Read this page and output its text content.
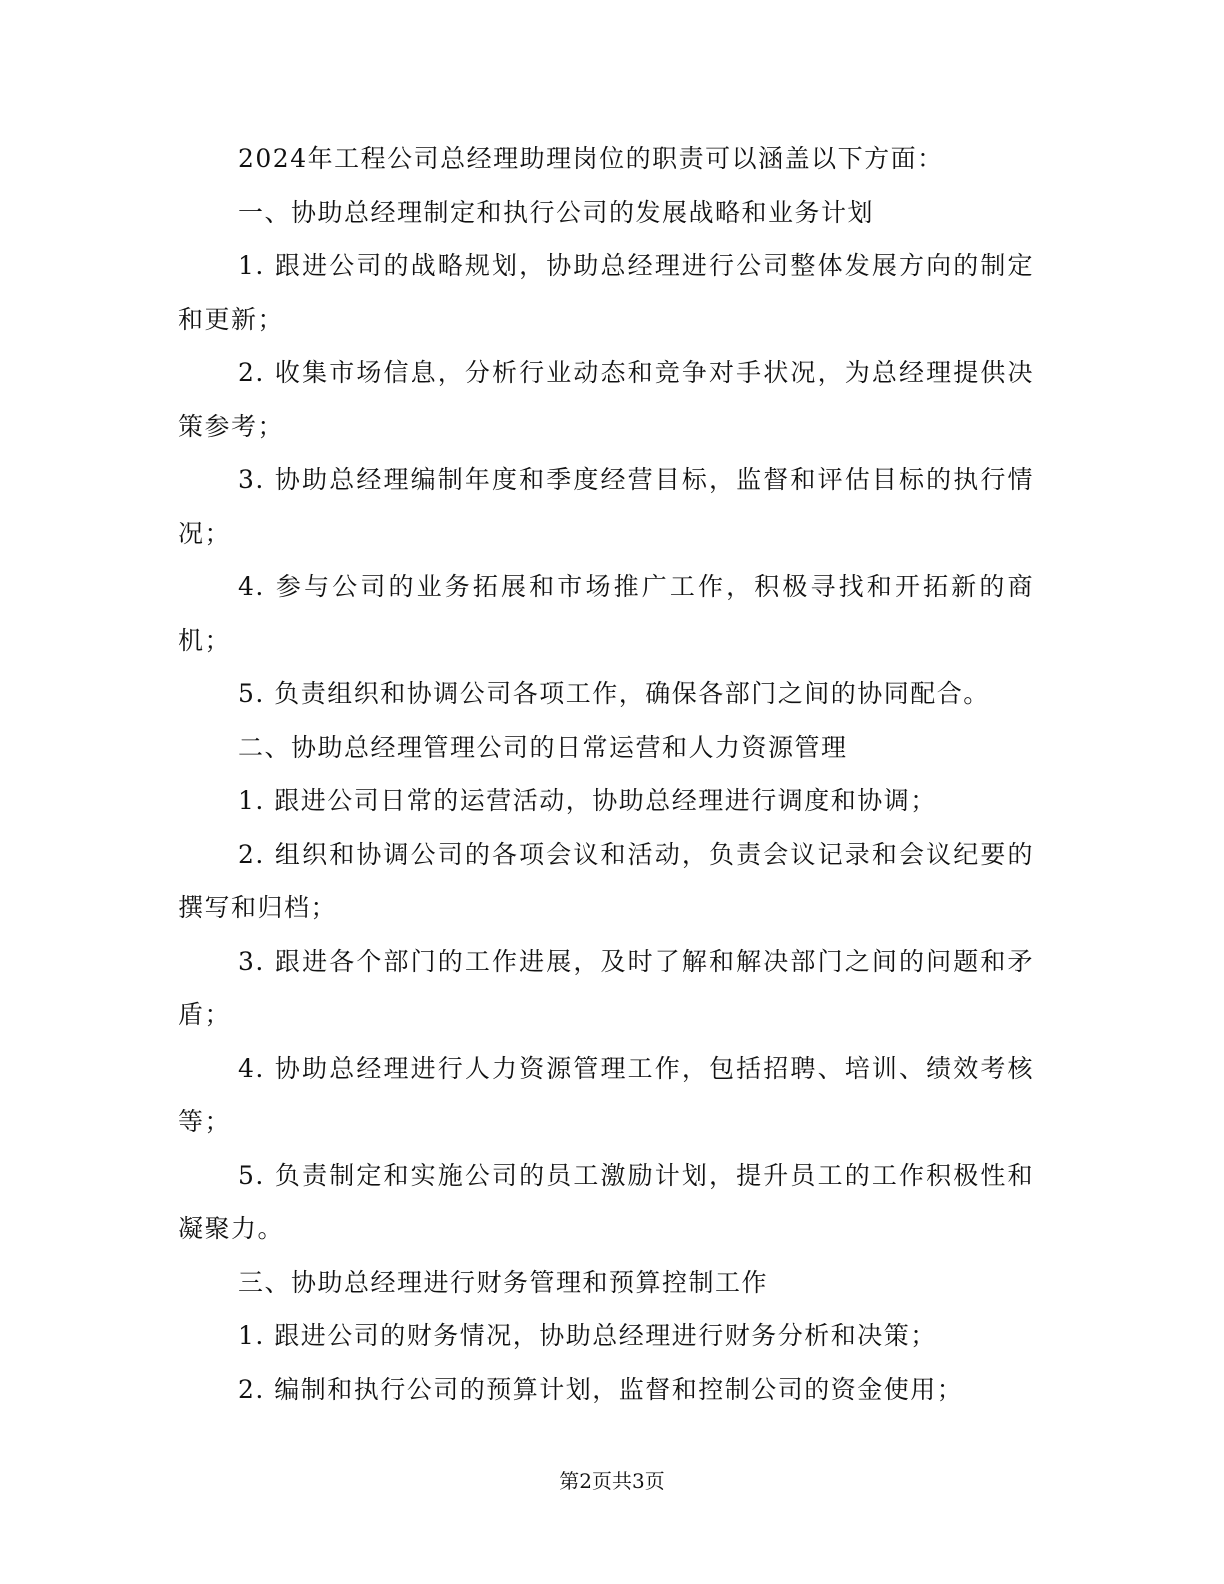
2024年工程公司总经理助理岗位的职责可以涵盖以下方面：

一、协助总经理制定和执行公司的发展战略和业务计划

1. 跟进公司的战略规划，协助总经理进行公司整体发展方向的制定和更新；

2. 收集市场信息，分析行业动态和竞争对手状况，为总经理提供决策参考；

3. 协助总经理编制年度和季度经营目标，监督和评估目标的执行情况；

4. 参与公司的业务拓展和市场推广工作，积极寻找和开拓新的商机；

5. 负责组织和协调公司各项工作，确保各部门之间的协同配合。

二、协助总经理管理公司的日常运营和人力资源管理

1. 跟进公司日常的运营活动，协助总经理进行调度和协调；

2. 组织和协调公司的各项会议和活动，负责会议记录和会议纪要的撰写和归档；

3. 跟进各个部门的工作进展，及时了解和解决部门之间的问题和矛盾；

4. 协助总经理进行人力资源管理工作，包括招聘、培训、绩效考核等；

5. 负责制定和实施公司的员工激励计划，提升员工的工作积极性和凝聚力。

三、协助总经理进行财务管理和预算控制工作

1. 跟进公司的财务情况，协助总经理进行财务分析和决策；

2. 编制和执行公司的预算计划，监督和控制公司的资金使用；

第2页共3页
